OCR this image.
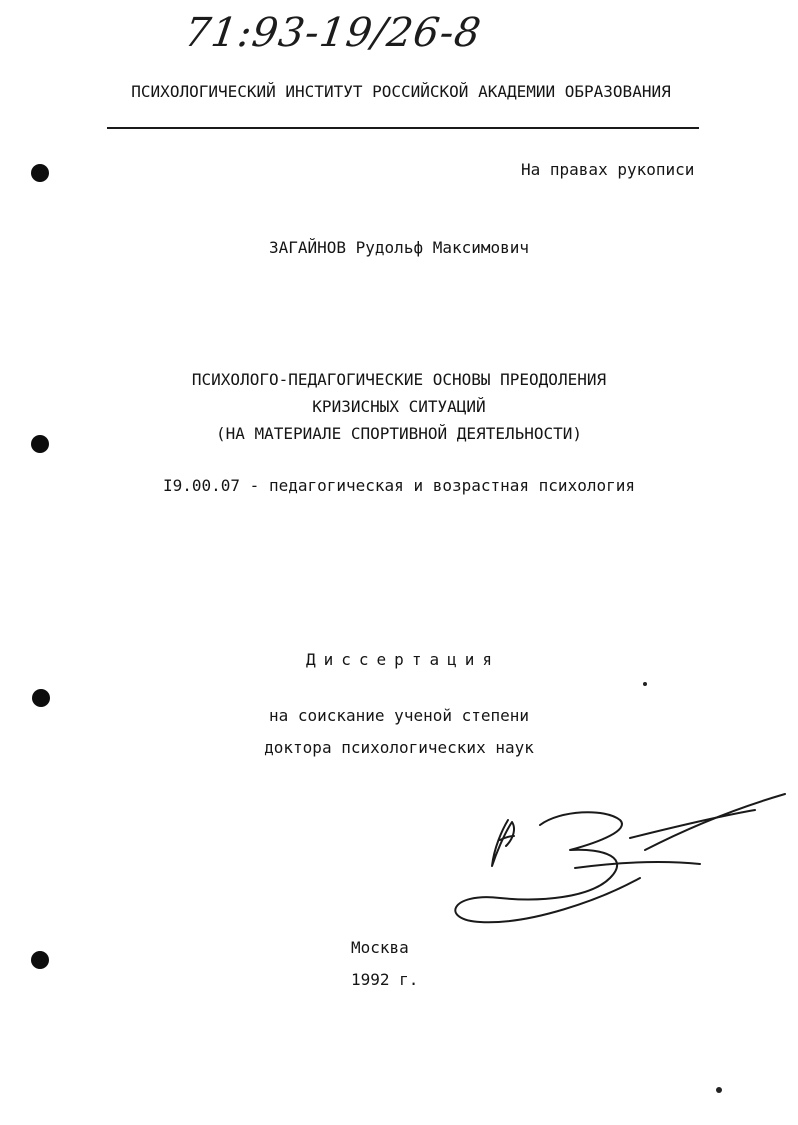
71:93-19/26-8
ПСИХОЛОГИЧЕСКИЙ ИНСТИТУТ РОССИЙСКОЙ АКАДЕМИИ ОБРАЗОВАНИЯ
На правах рукописи
ЗАГАЙНОВ Рудольф Максимович
ПСИХОЛОГО-ПЕДАГОГИЧЕСКИЕ ОСНОВЫ ПРЕОДОЛЕНИЯ
КРИЗИСНЫХ СИТУАЦИЙ
(НА МАТЕРИАЛЕ СПОРТИВНОЙ ДЕЯТЕЛЬНОСТИ)
I9.00.07 - педагогическая и возрастная психология
Диссертация
на соискание ученой степени
доктора психологических наук
Москва
1992 г.
